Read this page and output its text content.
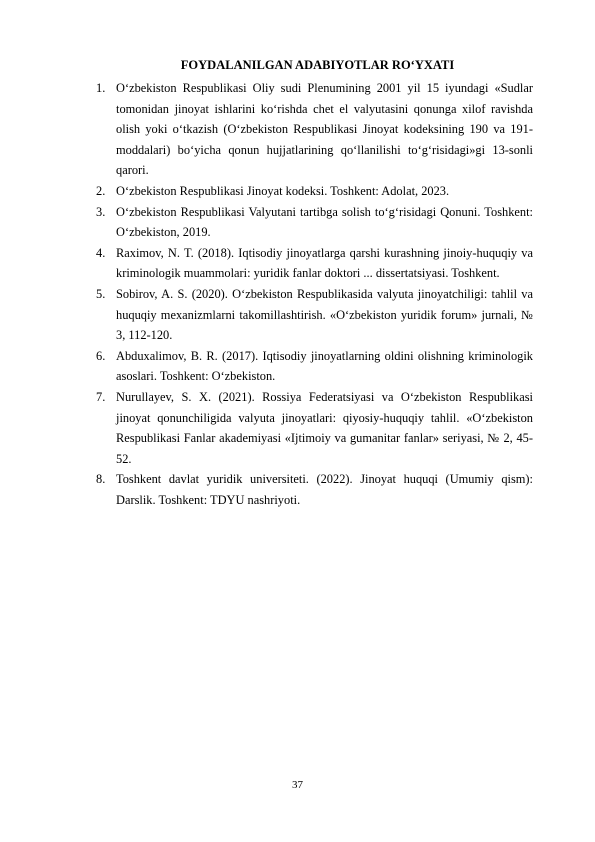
FOYDALANILGAN ADABIYOTLAR RO‘YXATI
1. O‘zbekiston Respublikasi Oliy sudi Plenumining 2001 yil 15 iyundagi «Sudlar tomonidan jinoyat ishlarini ko‘rishda chet el valyutasini qonunga xilof ravishda olish yoki o‘tkazish (O‘zbekiston Respublikasi Jinoyat kodeksining 190 va 191-moddalari) bo‘yicha qonun hujjatlarining qo‘llanilishi to‘g‘risidagi»gi 13-sonli qarori.
2. O‘zbekiston Respublikasi Jinoyat kodeksi. Toshkent: Adolat, 2023.
3. O‘zbekiston Respublikasi Valyutani tartibga solish to‘g‘risidagi Qonuni. Toshkent: O‘zbekiston, 2019.
4. Raximov, N. T. (2018). Iqtisodiy jinoyatlarga qarshi kurashning jinoiy-huquqiy va kriminologik muammolari: yuridik fanlar doktori ... dissertatsiyasi. Toshkent.
5. Sobirov, A. S. (2020). O‘zbekiston Respublikasida valyuta jinoyatchiligi: tahlil va huquqiy mexanizmlarni takomillashtirish. «O‘zbekiston yuridik forum» jurnali, № 3, 112-120.
6. Abduxalimov, B. R. (2017). Iqtisodiy jinoyatlarning oldini olishning kriminologik asoslari. Toshkent: O‘zbekiston.
7. Nurullayev, S. X. (2021). Rossiya Federatsiyasi va O‘zbekiston Respublikasi jinoyat qonunchiligida valyuta jinoyatlari: qiyosiy-huquqiy tahlil. «O‘zbekiston Respublikasi Fanlar akademiyasi «Ijtimoiy va gumanitar fanlar» seriyasi, № 2, 45-52.
8. Toshkent davlat yuridik universiteti. (2022). Jinoyat huquqi (Umumiy qism): Darslik. Toshkent: TDYU nashriyoti.
37
